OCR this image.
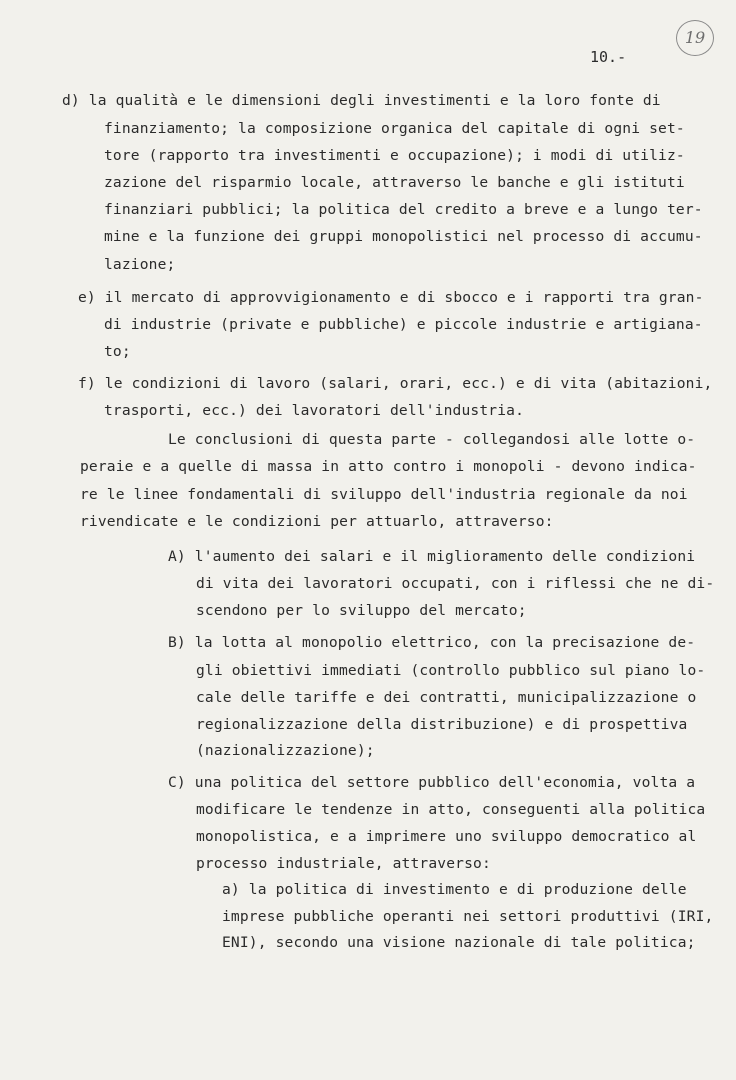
19
10.-
d) la qualità e le dimensioni degli investimenti e la loro fonte di
finanziamento; la composizione organica del capitale di ogni set-
tore (rapporto tra investimenti e occupazione); i modi di utiliz-
zazione del risparmio locale, attraverso le banche e gli istituti
finanziari pubblici; la politica del credito a breve e a lungo ter-
mine e la funzione dei gruppi monopolistici nel processo di accumu-
lazione;
e) il mercato di approvvigionamento e di sbocco e i rapporti tra gran-
di industrie (private e pubbliche) e piccole industrie e artigiana-
to;
f) le condizioni di lavoro (salari, orari, ecc.) e di vita (abitazioni,
trasporti, ecc.) dei lavoratori dell'industria.
Le conclusioni di questa parte - collegandosi alle lotte o-
peraie e a quelle di massa in atto contro i monopoli - devono indica-
re le linee fondamentali di sviluppo dell'industria regionale da noi
rivendicate e le condizioni per attuarlo, attraverso:
A) l'aumento dei salari e il miglioramento delle condizioni
di vita dei lavoratori occupati, con i riflessi che ne di-
scendono per lo sviluppo del mercato;
B) la lotta al monopolio elettrico, con la precisazione de-
gli obiettivi immediati (controllo pubblico sul piano lo-
cale delle tariffe e dei contratti, municipalizzazione o
regionalizzazione della distribuzione) e di prospettiva
(nazionalizzazione);
C) una politica del settore pubblico dell'economia, volta a
modificare le tendenze in atto, conseguenti alla politica
monopolistica, e a imprimere uno sviluppo democratico al
processo industriale, attraverso:
a) la politica di investimento e di produzione delle
imprese pubbliche operanti nei settori produttivi (IRI,
ENI), secondo una visione nazionale di tale politica;
